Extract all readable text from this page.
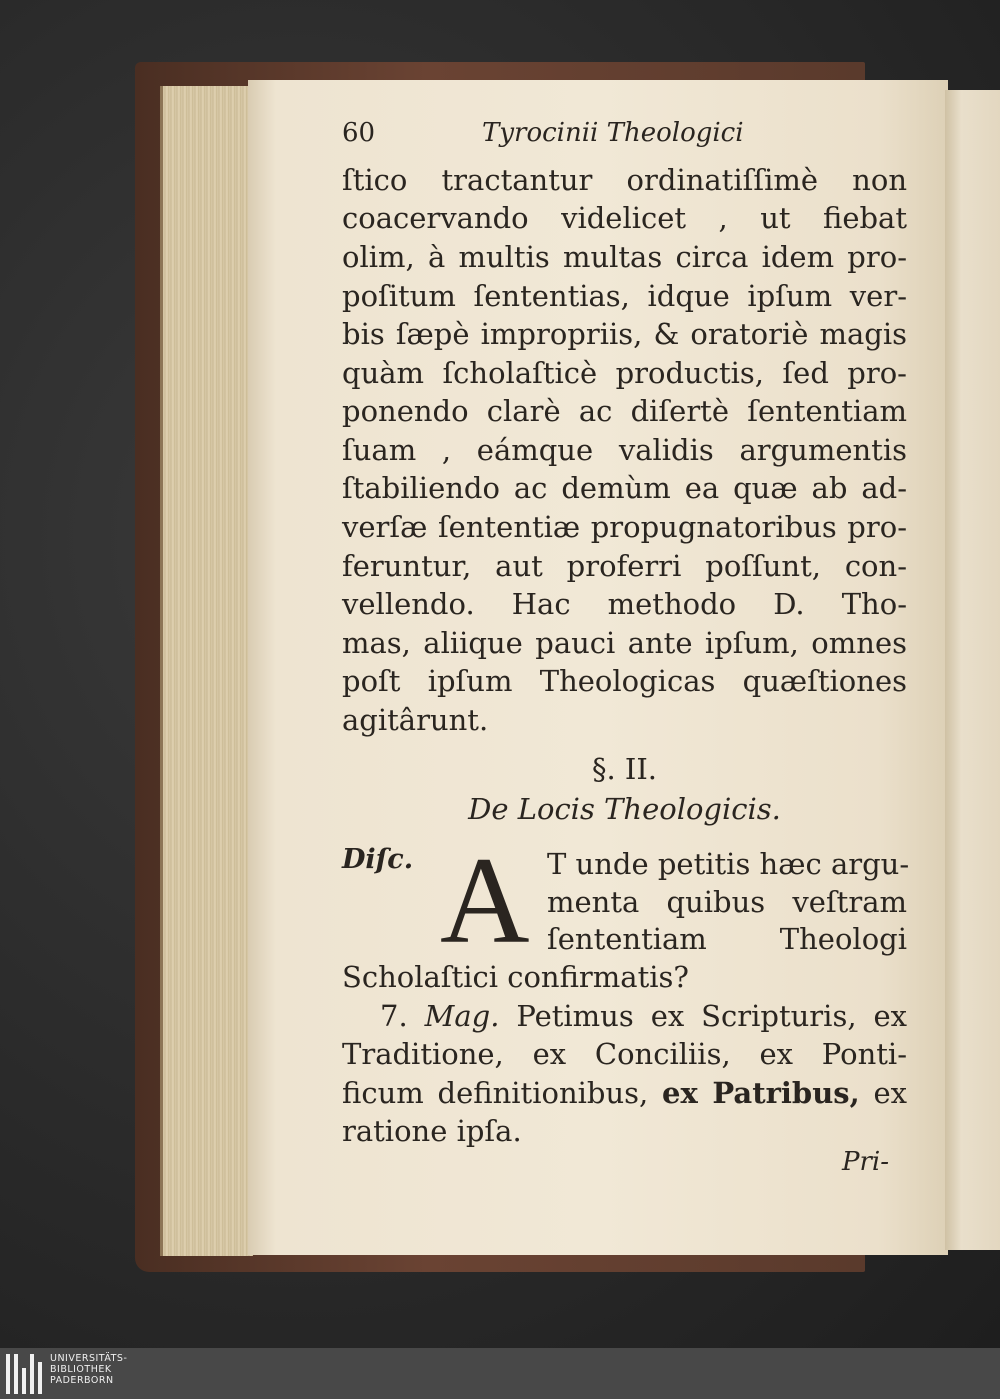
60	Tyrocinii Theologici
ſtico tractantur ordinatiſſimè non
coacervando videlicet , ut fiebat
olim, à multis multas circa idem pro-
poſitum ſententias, idque ipſum ver-
bis ſæpè impropriis, & oratoriè magis
quàm ſcholaſticè productis, ſed pro-
ponendo clarè ac diſertè ſententiam
ſuam , eámque validis argumentis
ſtabiliendo ac demùm ea quæ ab ad-
verſæ ſententiæ propugnatoribus pro-
feruntur, aut proferri poſſunt, con-
vellendo. Hac methodo D. Tho-
mas, aliique pauci ante ipſum, omnes
poſt ipſum Theologicas quæſtiones
agitârunt.
§. II.
De Locis Theologicis.
Diſc. A T unde petitis hæc argu-
menta quibus veſtram
ſententiam Theologi
Scholaſtici confirmatis?
7. Mag. Petimus ex Scripturis, ex
Traditione, ex Conciliis, ex Ponti-
ficum definitionibus, ex Patribus, ex
ratione ipſa.
Pri-
UNIVERSITÄTS-
BIBLIOTHEK
PADERBORN
